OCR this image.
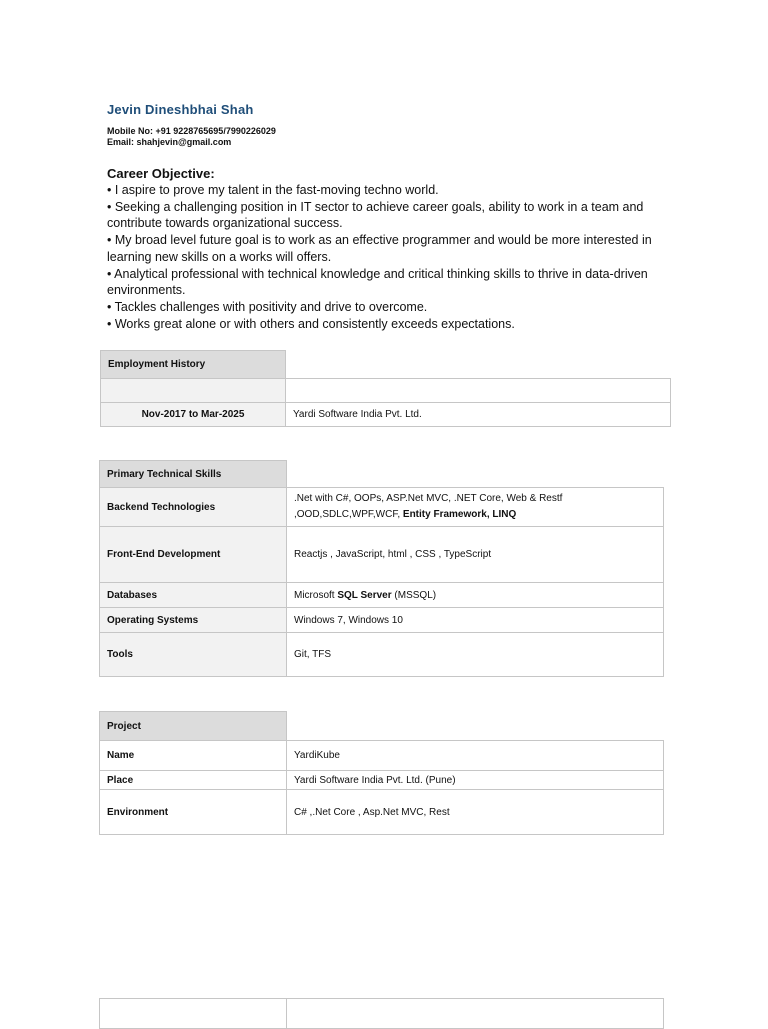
Jevin Dineshbhai Shah
Mobile No: +91 9228765695/7990226029
Email: shahjevin@gmail.com
Career Objective:

• I aspire to prove my talent in the fast-moving techno world.

• Seeking a challenging position in IT sector to achieve career goals, ability to work in a team and contribute towards organizational success.

• My broad level future goal is to work as an effective programmer and would be more interested in learning new skills on a works will offers.

• Analytical professional with technical knowledge and critical thinking skills to thrive in data-driven environments.

• Tackles challenges with positivity and drive to overcome.

• Works great alone or with others and consistently exceeds expectations.

Employment History	

Nov-2017 to Mar-2025	Yardi Software India Pvt. Ltd.
Primary Technical Skills	
Backend Technologies	.Net with C#, OOPs, ASP.Net MVC, .NET Core, Web & Restf ,OOD,SDLC,WPF,WCF, Entity Framework, LINQ
Front-End Development	Reactjs , JavaScript, html , CSS , TypeScript
Databases	Microsoft SQL Server (MSSQL)
Operating Systems	Windows 7, Windows 10
Tools	Git, TFS
Project	
Name	YardiKube
Place	Yardi Software India Pvt. Ltd. (Pune)
Environment	C# ,.Net Core , Asp.Net MVC, Rest
